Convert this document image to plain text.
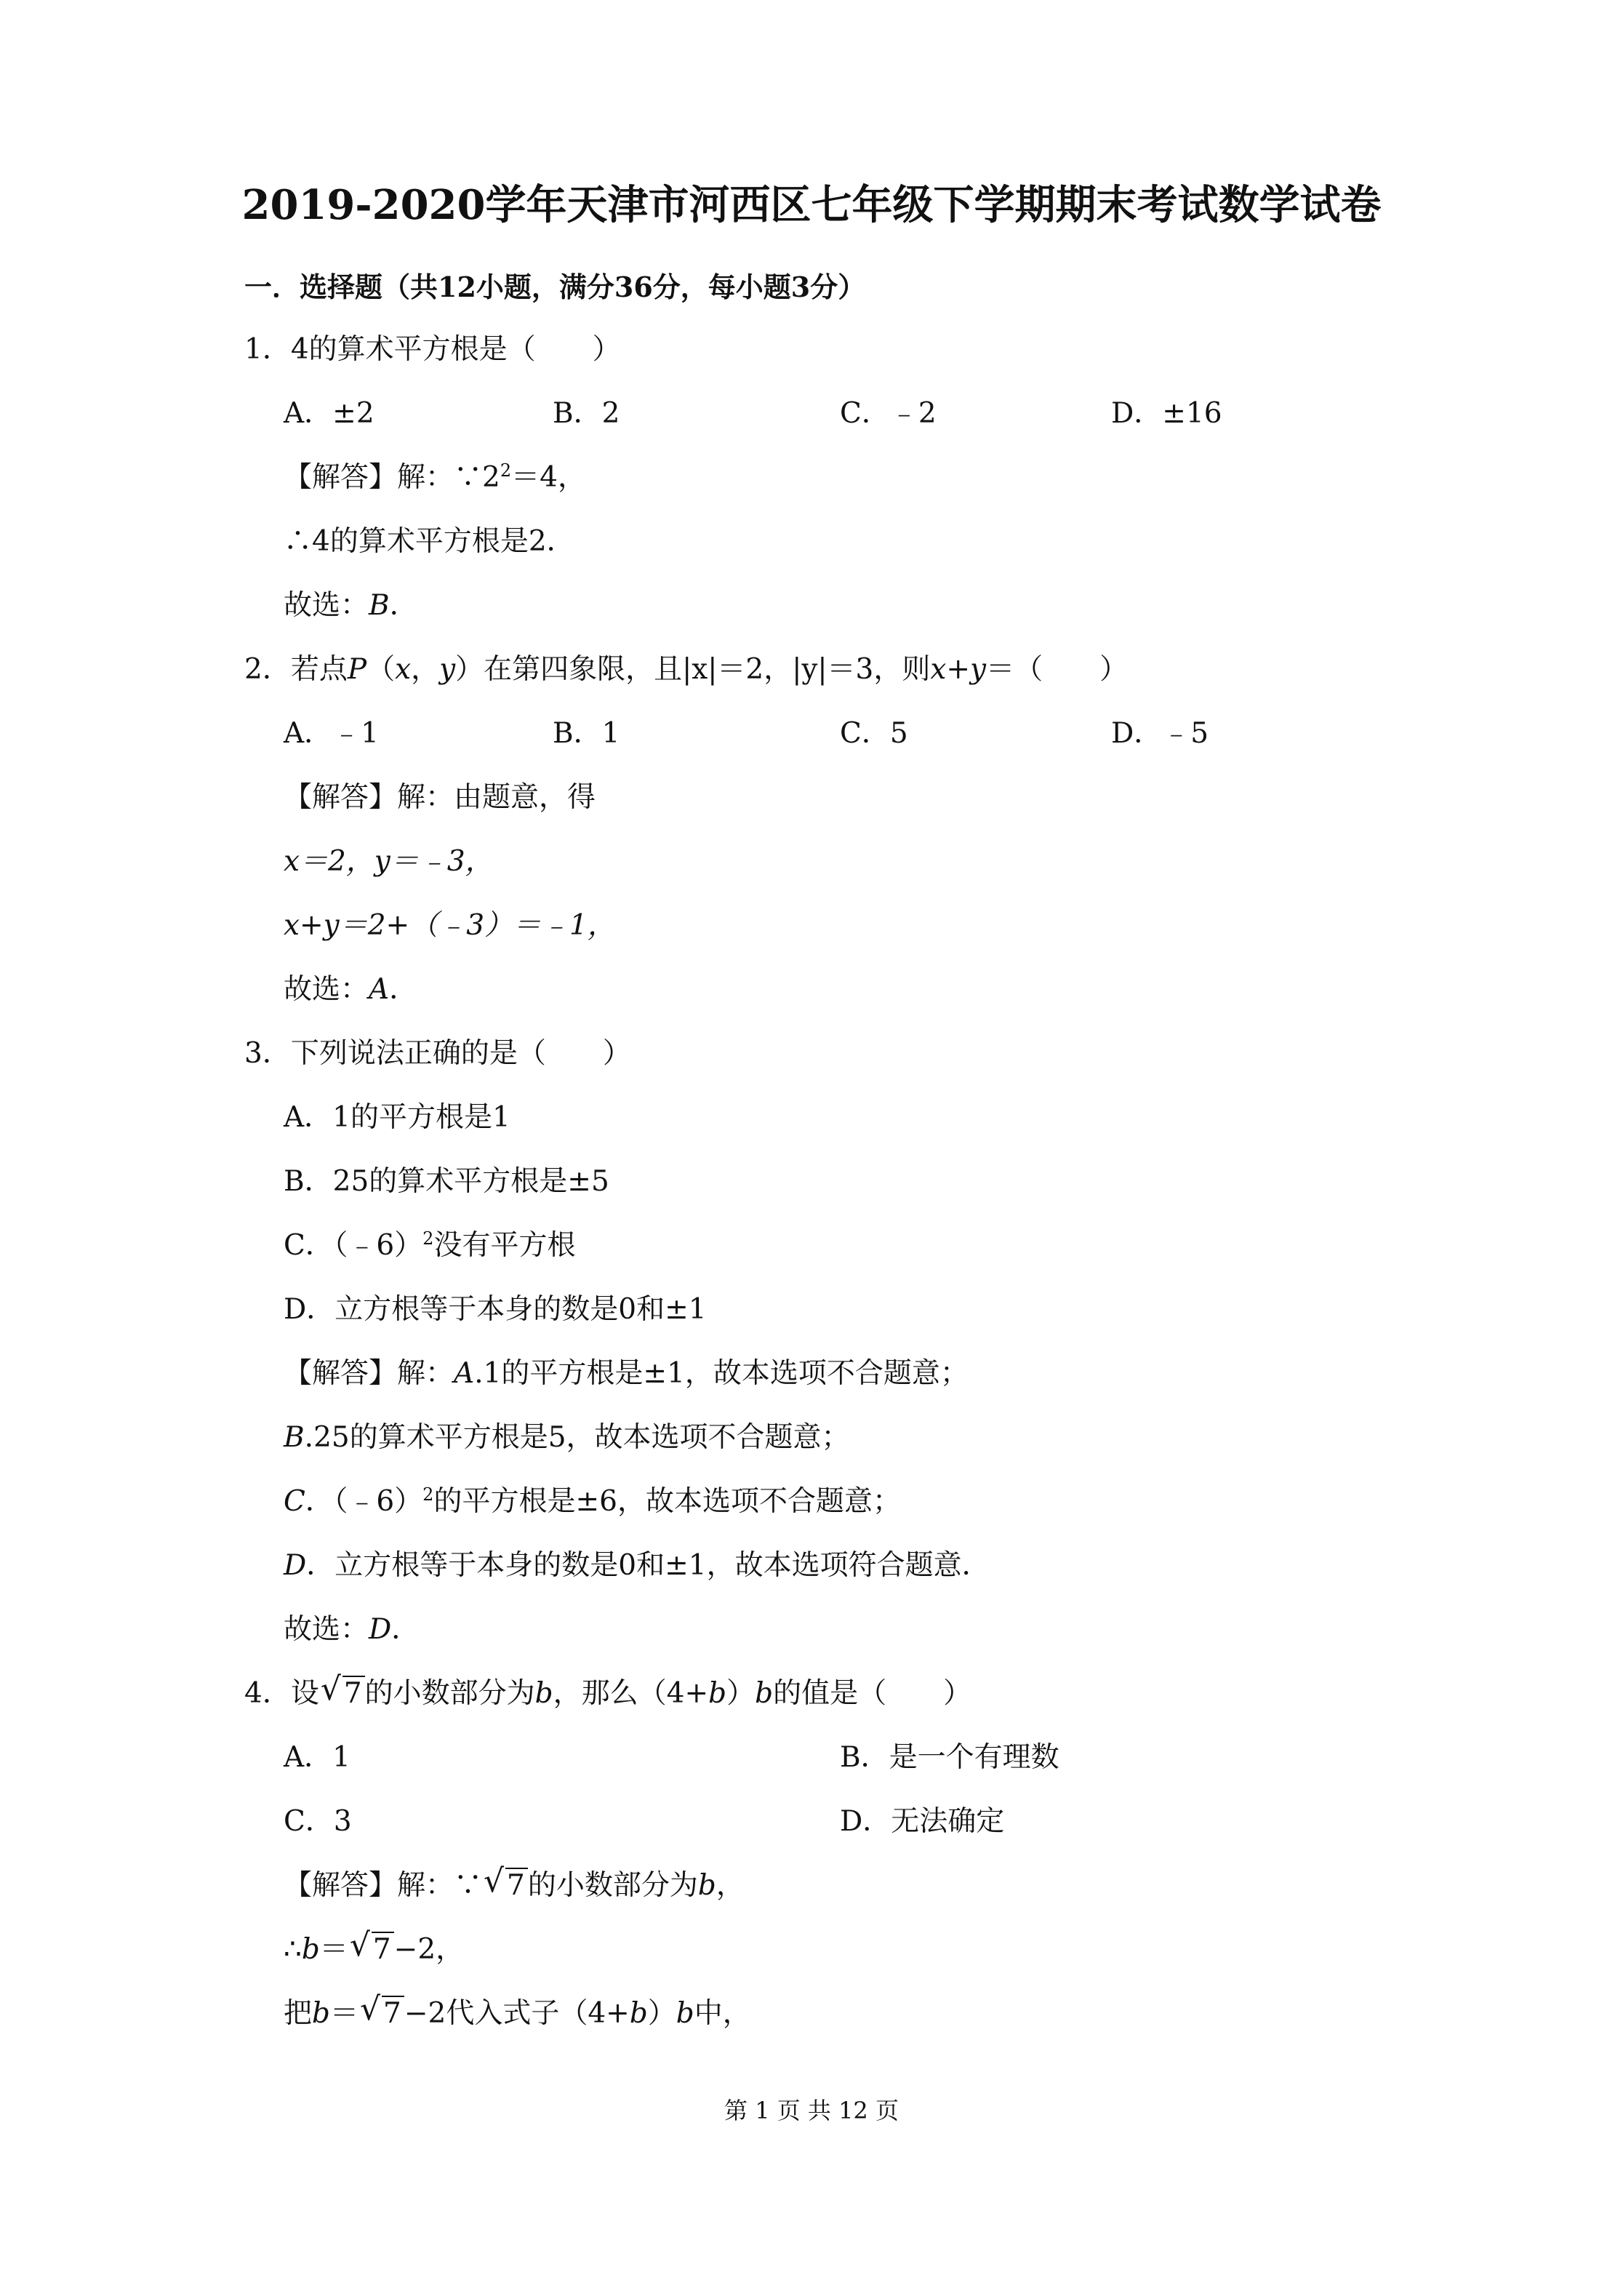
2019-2020学年天津市河西区七年级下学期期末考试数学试卷
一．选择题（共12小题，满分36分，每小题3分）
1．4的算术平方根是（　　）
A．±2	B．2	C．﹣2	D．±16
【解答】解：$\because 2^2=4$，
∴4的算术平方根是2．
故选：B．
2．若点P（x，y）在第四象限，且|x|＝2，|y|＝3，则x+y＝（　　）
A．﹣1	B．1	C．5	D．﹣5
【解答】解：由题意，得
x＝2，y＝﹣3，
x+y＝2+（﹣3）＝﹣1，
故选：A．
3．下列说法正确的是（　　）
A．1的平方根是1
B．25的算术平方根是±5
C．（﹣6）$^2$没有平方根
D．立方根等于本身的数是0和±1
【解答】解：A.1的平方根是±1，故本选项不合题意；
B.25的算术平方根是5，故本选项不合题意；
C．（﹣6）$^2$的平方根是±6，故本选项不合题意；
D．立方根等于本身的数是0和±1，故本选项符合题意．
故选：D．
4．设 √ 7 的小数部分为b，那么（4+b）b的值是（　　）
A．1	B．是一个有理数
C．3	D．无法确定
【解答】解：∵ √ 7 的小数部分为b，
∴b＝ √ 7 −2，
把b＝ √ 7 −2代入式子（4+b）b中，
第 1 页 共 12 页
